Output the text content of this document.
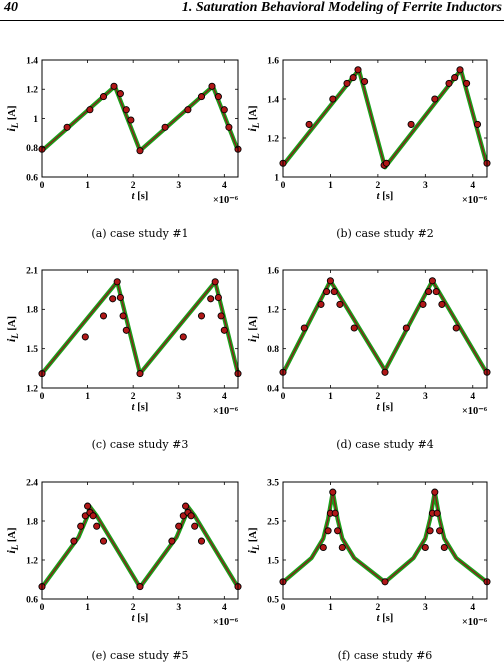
40	1. Saturation Behavioral Modeling of Ferrite Inductors
0	1	2	3	4
0.6
0.8
1
1.2
1.4
t [s]	×10⁻⁶
iL [A]
(a) case study #1
0	1	2	3	4
1
1.2
1.4
1.6
t [s]	×10⁻⁶
iL [A]
(b) case study #2
0	1	2	3	4
1.2
1.5
1.8
2.1
t [s]	×10⁻⁶
iL [A]
(c) case study #3
0	1	2	3	4
0.4
0.8
1.2
1.6
t [s]	×10⁻⁶
iL [A]
(d) case study #4
0	1	2	3	4
0.6
1.2
1.8
2.4
t [s]	×10⁻⁶
iL [A]
(e) case study #5
0	1	2	3	4
0.5
1.5
2.5
3.5
t [s]	×10⁻⁶
iL [A]
(f) case study #6
